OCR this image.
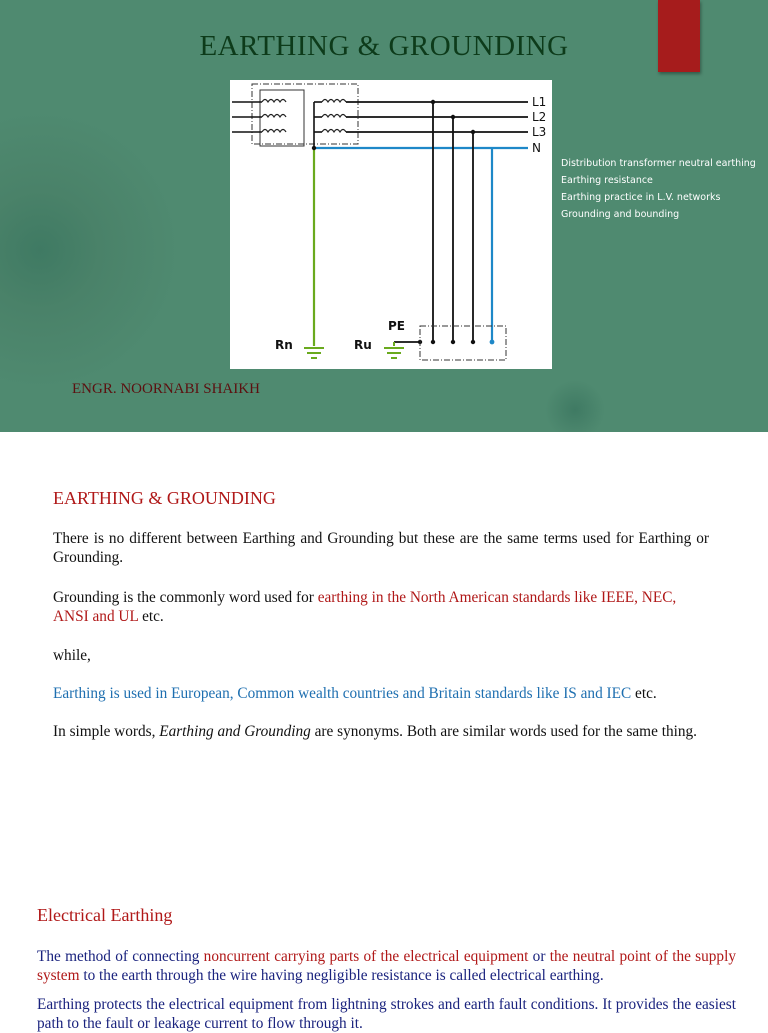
EARTHING & GROUNDING
L1
L2
L3
N
PE
Rn	Ru
Distribution transformer neutral earthing
Earthing resistance
Earthing practice in L.V. networks
Grounding and bounding
ENGR. NOORNABI SHAIKH
EARTHING & GROUNDING
There is no different between Earthing and Grounding but these are the same terms used for Earthing or Grounding.
Grounding is the commonly word used for earthing in the North American standards like IEEE, NEC, ANSI and UL etc.
while,
Earthing is used in European, Common wealth countries and Britain standards like IS and IEC etc.
In simple words, Earthing and Grounding are synonyms. Both are similar words used for the same thing.
Electrical Earthing
The method of connecting noncurrent carrying parts of the electrical equipment or the neutral point of the supply system to the earth through the wire having negligible resistance is called electrical earthing.
Earthing protects the electrical equipment from lightning strokes and earth fault conditions. It provides the easiest path to the fault or leakage current to flow through it.
